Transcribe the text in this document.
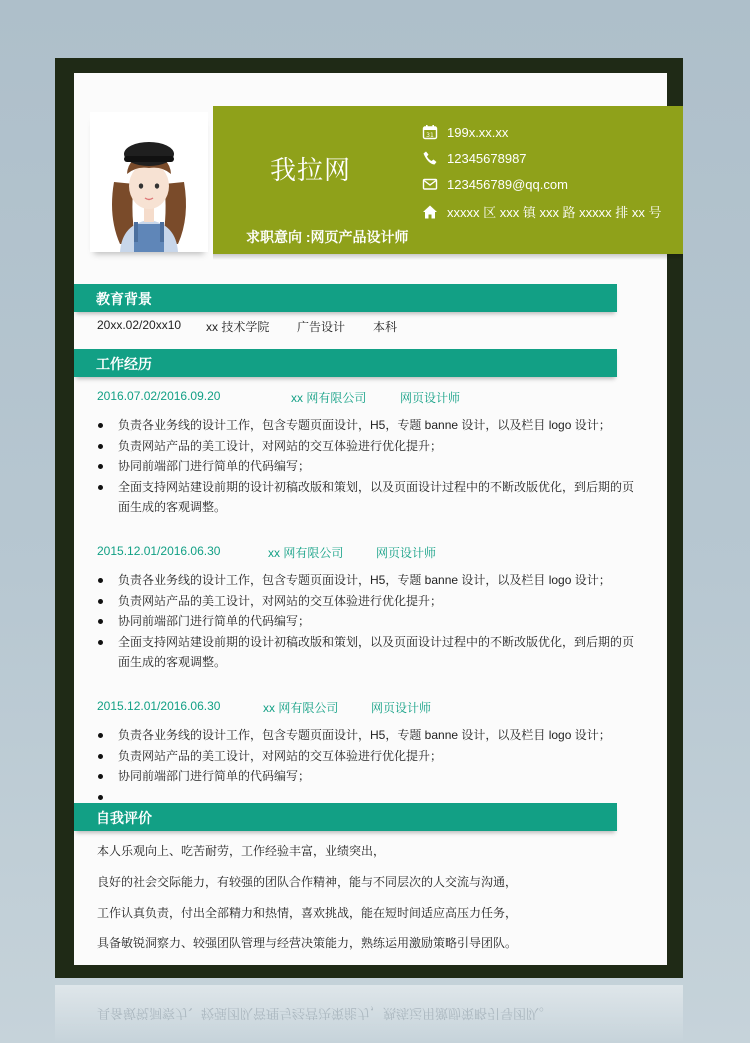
我拉网
求职意向 :网页产品设计师
31 199x.xx.xx
12345678987
123456789@qq.com
xxxxx 区 xxx 镇 xxx 路 xxxxx 排 xx 号
教育背景
20xx.02/20xx10 xx 技术学院 广告设计 本科
工作经历
2016.07.02/2016.09.20	xx 网有限公司	网页设计师
负责各业务线的设计工作，包含专题页面设计，H5，专题 banne 设计，以及栏目 logo 设计；
负责网站产品的美工设计，对网站的交互体验进行优化提升；
协同前端部门进行简单的代码编写；
全面支持网站建设前期的设计初稿改版和策划，以及页面设计过程中的不断改版优化，到后期的页面生成的客观调整。
2015.12.01/2016.06.30	xx 网有限公司	网页设计师
负责各业务线的设计工作，包含专题页面设计，H5，专题 banne 设计，以及栏目 logo 设计；
负责网站产品的美工设计，对网站的交互体验进行优化提升；
协同前端部门进行简单的代码编写；
全面支持网站建设前期的设计初稿改版和策划，以及页面设计过程中的不断改版优化，到后期的页面生成的客观调整。
2015.12.01/2016.06.30	xx 网有限公司	网页设计师
负责各业务线的设计工作，包含专题页面设计，H5，专题 banne 设计，以及栏目 logo 设计；
负责网站产品的美工设计，对网站的交互体验进行优化提升；
协同前端部门进行简单的代码编写；
自我评价
本人乐观向上、吃苦耐劳，工作经验丰富，业绩突出，
良好的社会交际能力，有较强的团队合作精神，能与不同层次的人交流与沟通，
工作认真负责，付出全部精力和热情，喜欢挑战，能在短时间适应高压力任务，
具备敏锐洞察力、较强团队管理与经营决策能力，熟练运用激励策略引导团队。
具备敏锐洞察力、较强团队管理与经营决策能力，熟练运用激励策略引导团队。
